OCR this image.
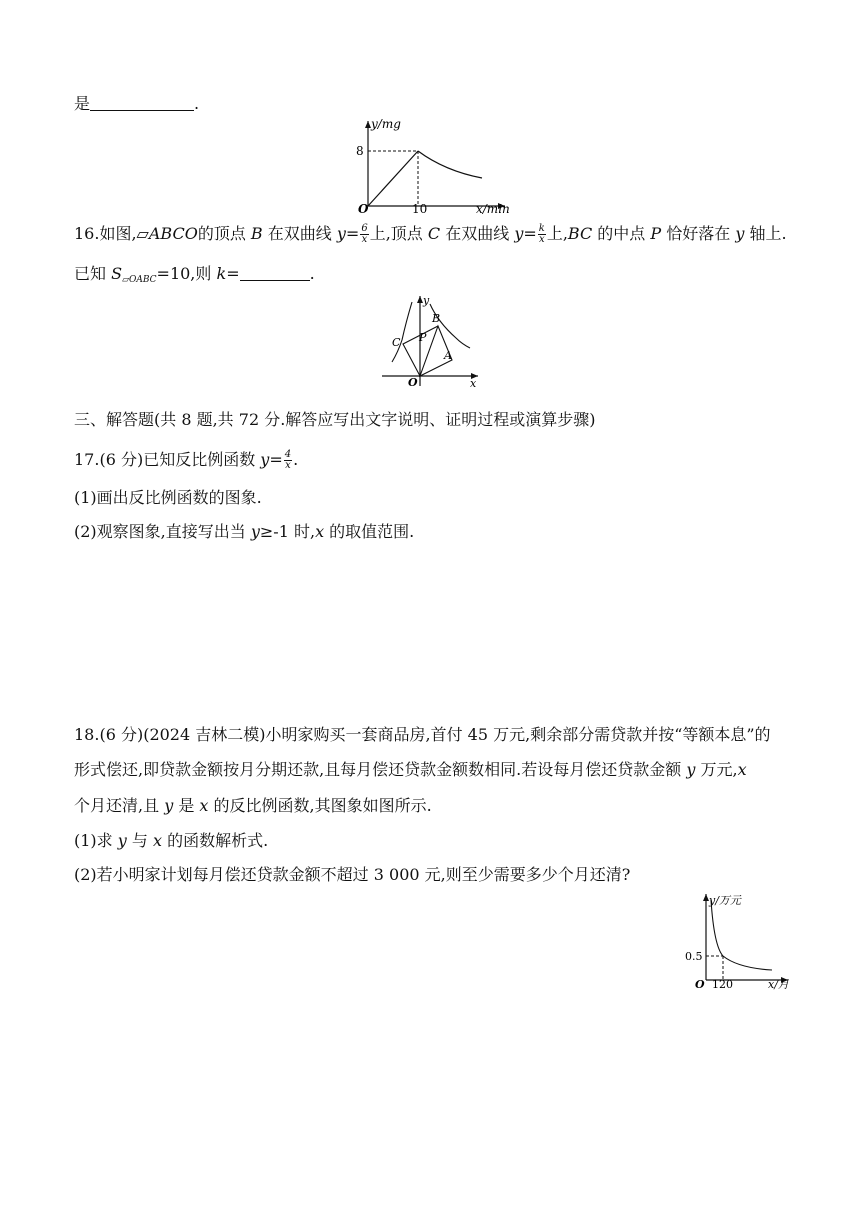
是	.
y/mg
8
O	10	x/min
16.如图,▱ABCO的顶点 B 在双曲线 $y= \frac{6}{x}$ 上,顶点 C 在双曲线 $y= \frac{k}{x}$ 上,BC 的中点 P 恰好落在 y 轴上.
已知 $S_{▱OABC}=10$,则 k=	.
y
x
O
B
C P
A
三、解答题(共 8 题,共 72 分.解答应写出文字说明、证明过程或演算步骤)
17.(6 分)已知反比例函数 $y= \frac{4}{x}$ .
(1)画出反比例函数的图象.
(2)观察图象,直接写出当 y≥-1 时,x 的取值范围.
18.(6 分)(2024 吉林二模)小明家购买一套商品房,首付 45 万元,剩余部分需贷款并按“等额本息”的
形式偿还,即贷款金额按月分期还款,且每月偿还贷款金额数相同.若设每月偿还贷款金额 y 万元,x
个月还清,且 y 是 x 的反比例函数,其图象如图所示.
(1)求 y 与 x 的函数解析式.
(2)若小明家计划每月偿还贷款金额不超过 3 000 元,则至少需要多少个月还清?
y/万元
0.5
O 120	x/月
